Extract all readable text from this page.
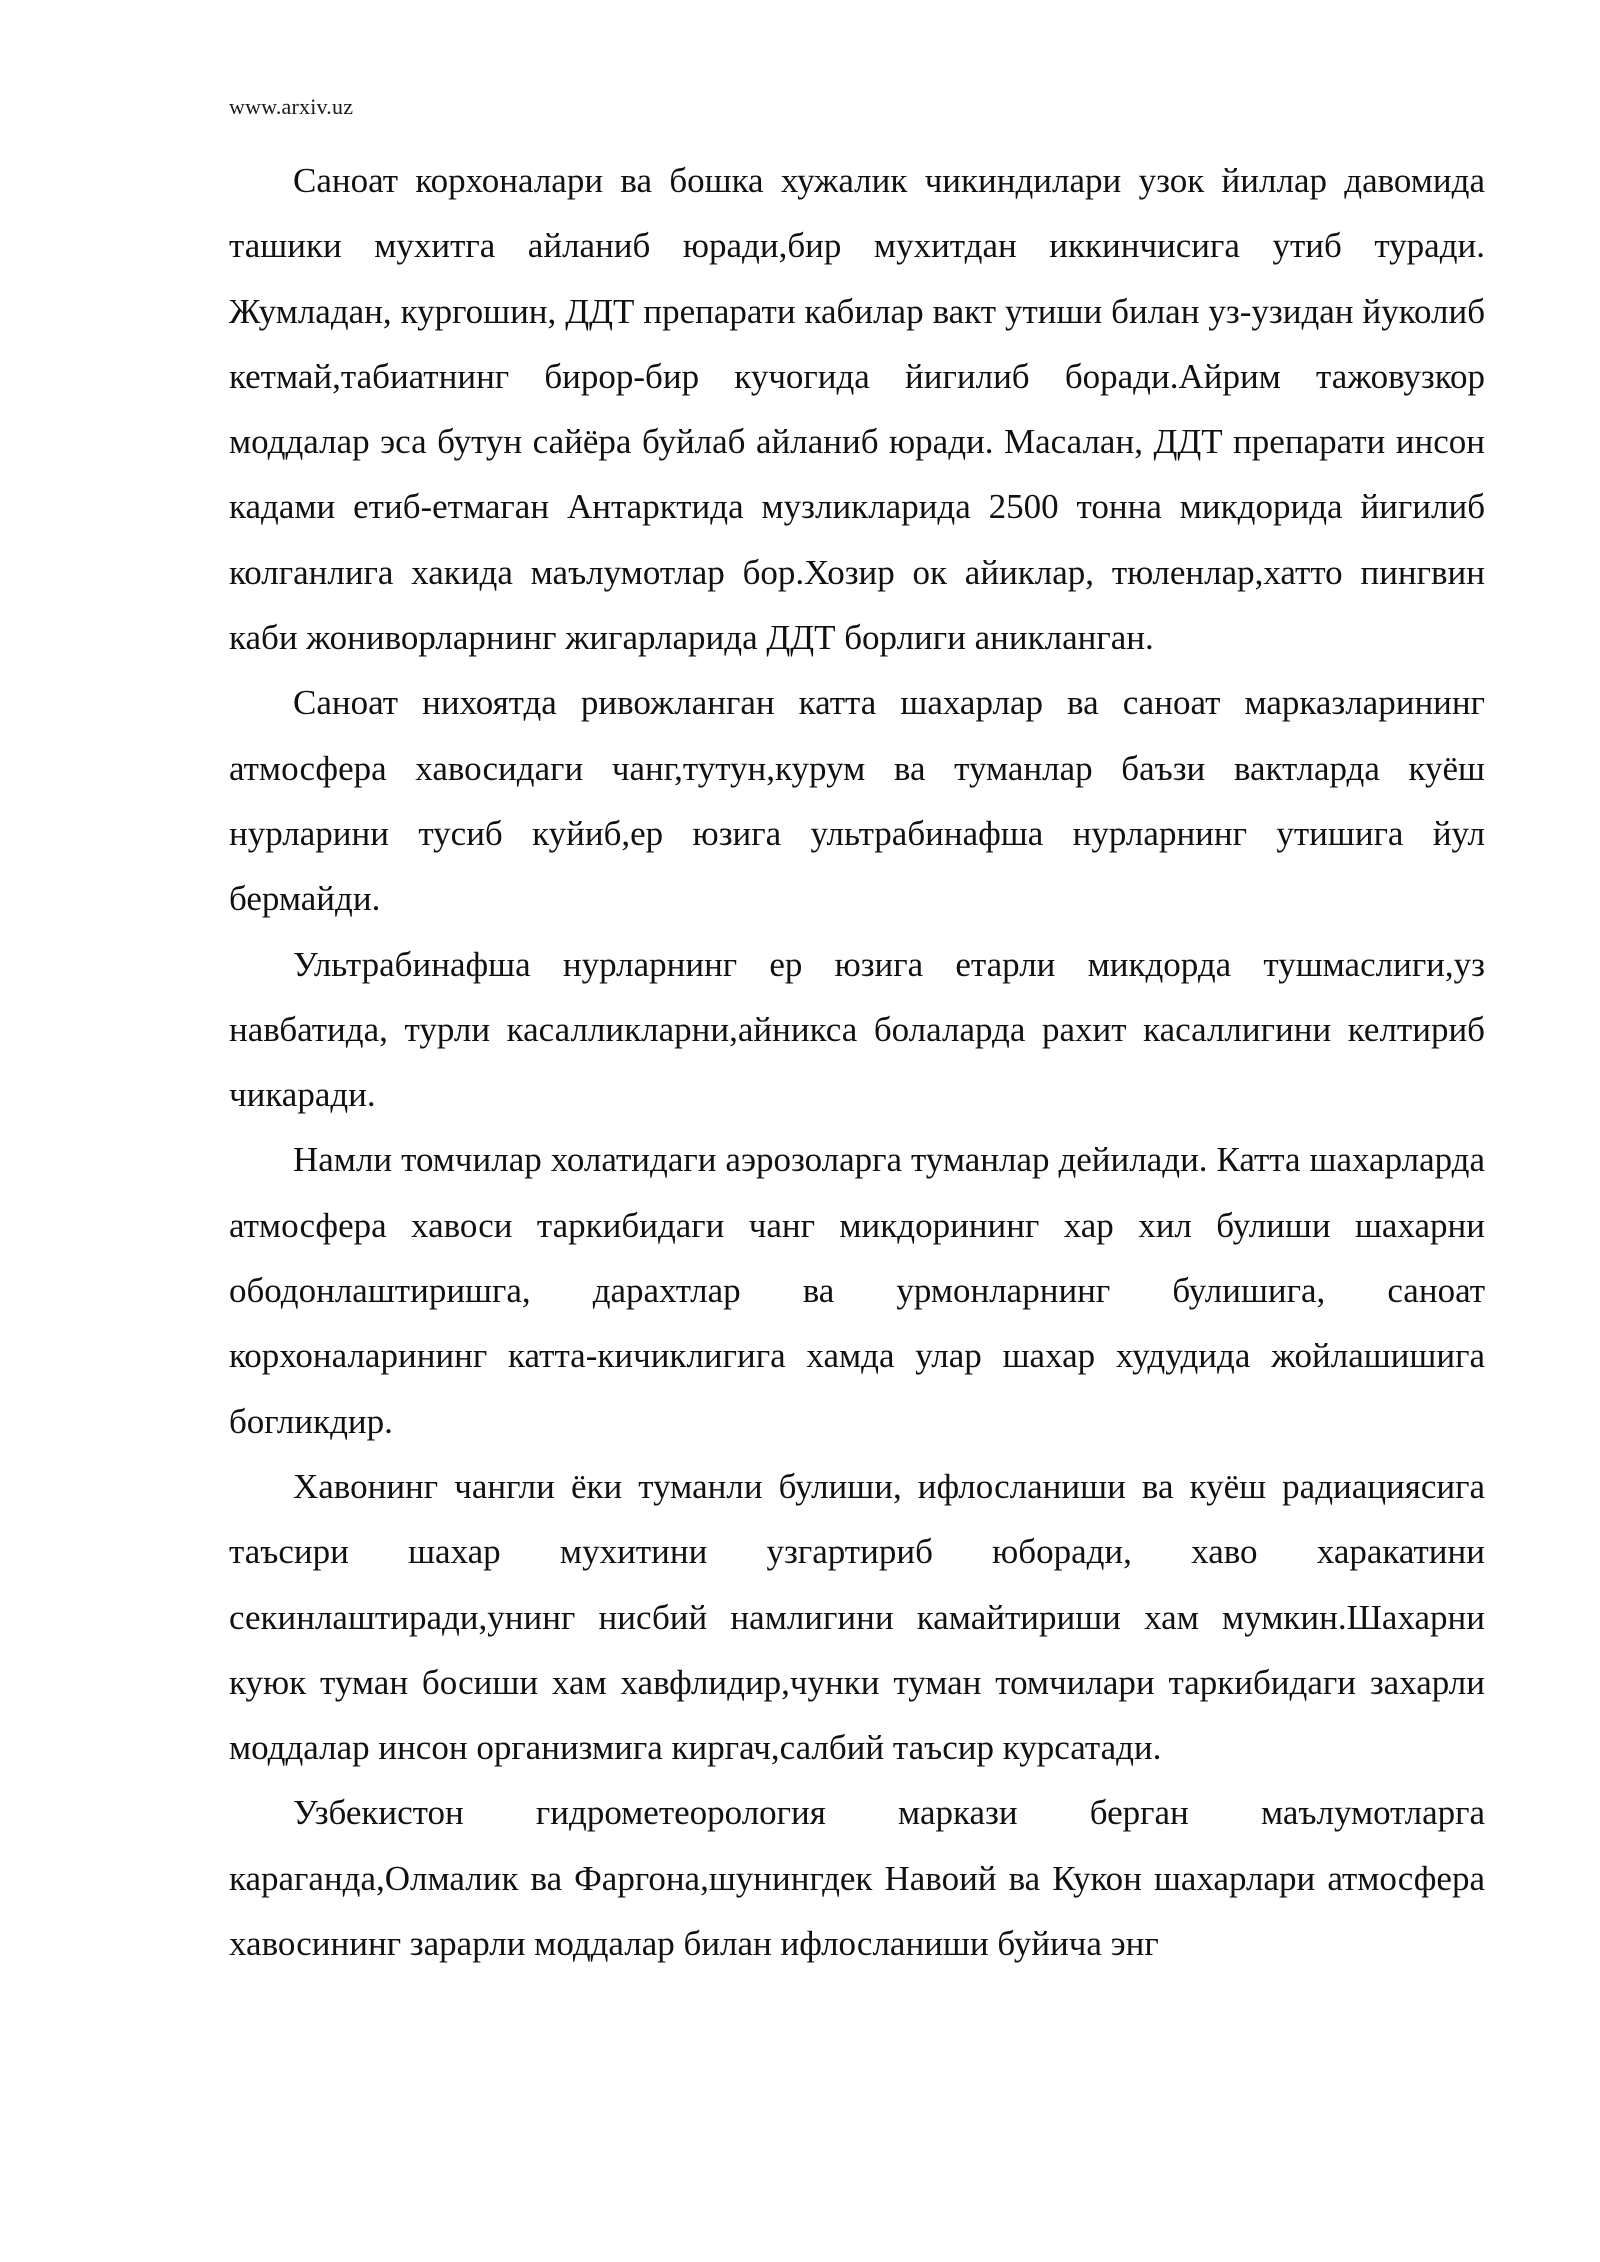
www.arxiv.uz

Саноат корхоналари ва бошка хужалик чикиндилари узок йиллар давомида ташики мухитга айланиб юради,бир мухитдан иккинчисига утиб туради. Жумладан, кургошин, ДДТ препарати кабилар вакт утиши билан уз-узидан йуколиб кетмай,табиатнинг бирор-бир кучогида йигилиб боради.Айрим тажовузкор моддалар эса бутун сайёра буйлаб айланиб юради. Масалан, ДДТ препарати инсон кадами етиб-етмаган Антарктида музликларида 2500 тонна микдорида йигилиб колганлига хакида маълумотлар бор.Хозир ок айиклар, тюленлар,хатто пингвин каби жониворларнинг жигарларида ДДТ борлиги аникланган.

Саноат нихоятда ривожланган катта шахарлар ва саноат марказларининг атмосфера хавосидаги чанг,тутун,курум ва туманлар баъзи вактларда куёш нурларини тусиб куйиб,ер юзига ультрабинафша нурларнинг утишига йул бермайди.

Ультрабинафша нурларнинг ер юзига етарли микдорда тушмаслиги,уз навбатида, турли касалликларни,айникса болаларда рахит касаллигини келтириб чикаради.

Намли томчилар холатидаги аэрозоларга туманлар дейилади. Катта шахарларда атмосфера хавоси таркибидаги чанг микдорининг хар хил булиши шахарни ободонлаштиришга, дарахтлар ва урмонларнинг булишига, саноат корхоналарининг катта-кичиклигига хамда улар шахар худудида жойлашишига богликдир.

Хавонинг чангли ёки туманли булиши, ифлосланиши ва куёш радиациясига таъсири шахар мухитини узгартириб юборади, хаво харакатини секинлаштиради,унинг нисбий намлигини камайтириши хам мумкин.Шахарни куюк туман босиши хам хавфлидир,чунки туман томчилари таркибидаги захарли моддалар инсон организмига киргач,салбий таъсир курсатади.

Узбекистон гидрометеорология маркази берган маълумотларга караганда,Олмалик ва Фаргона,шунингдек Навоий ва Кукон шахарлари атмосфера хавосининг зарарли моддалар билан ифлосланиши буйича энг
